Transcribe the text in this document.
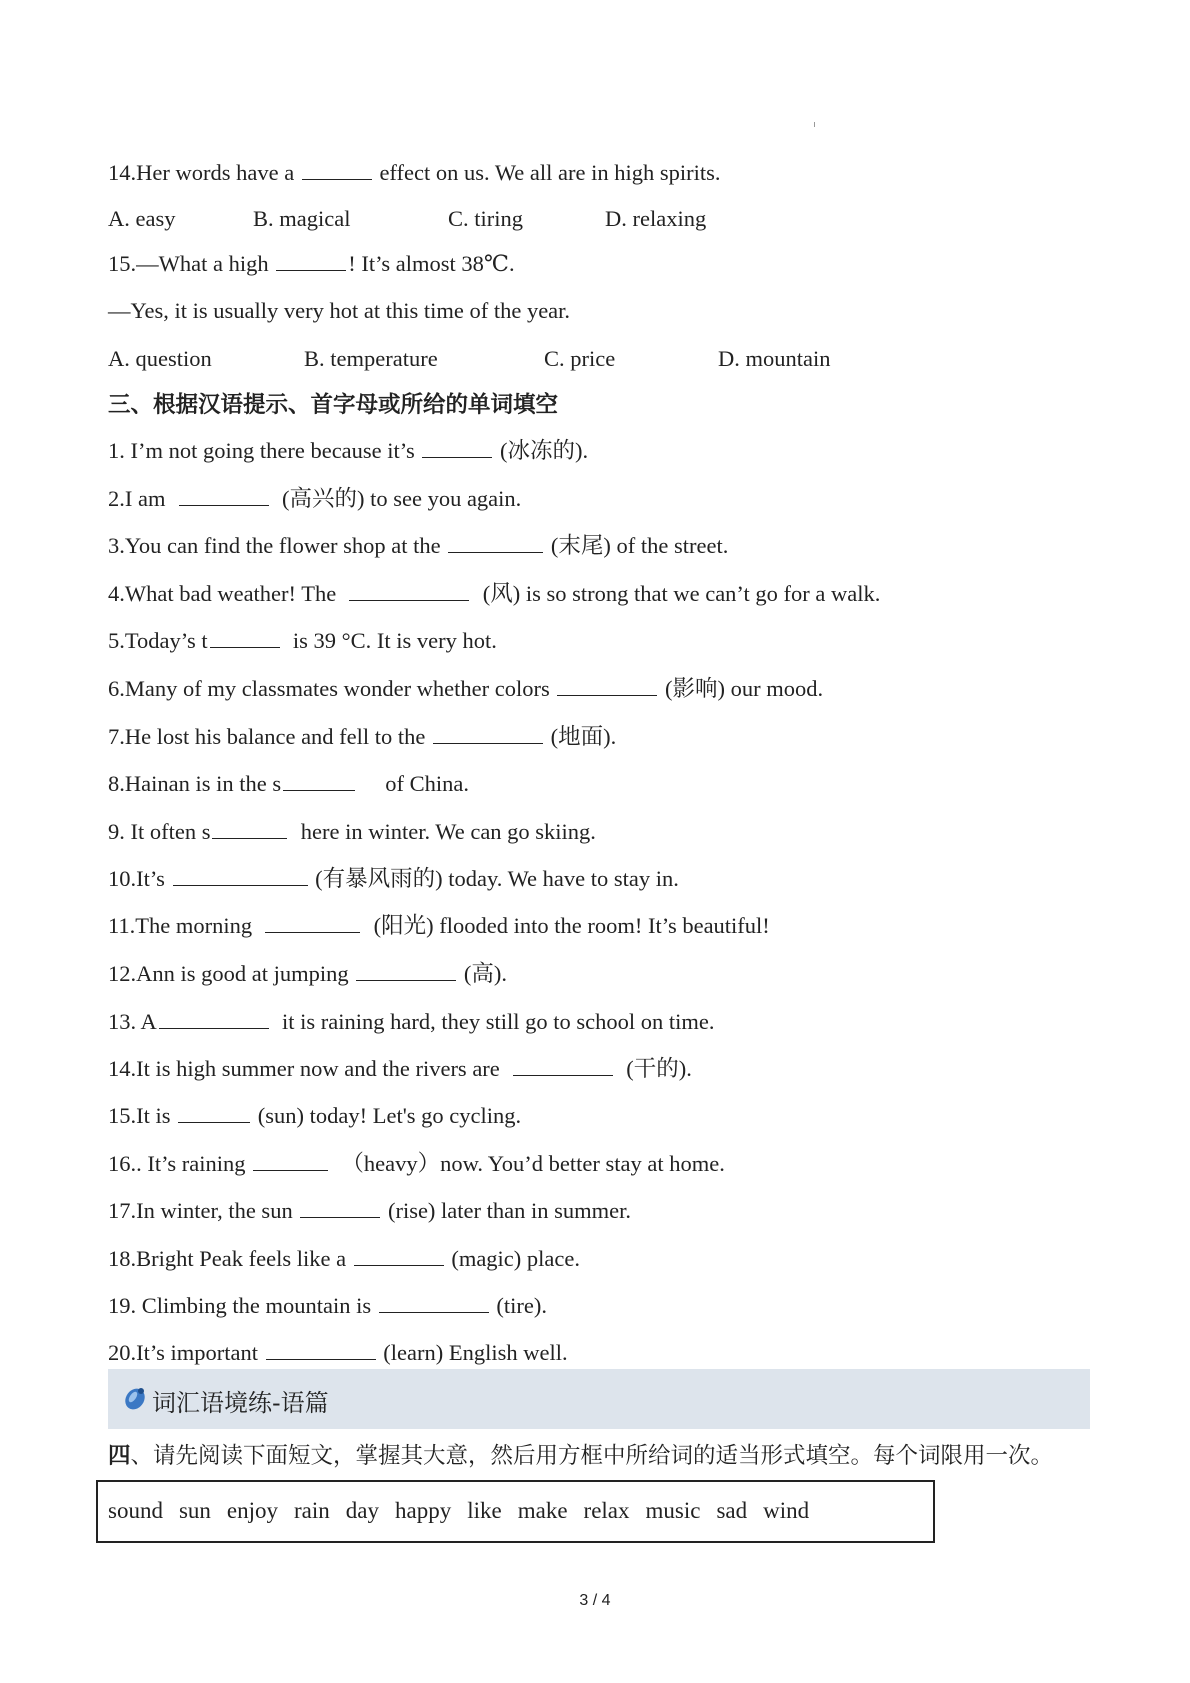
14.Her words have a	effect on us. We all are in high spirits.

A. easy

	B. magical

	C. tiring

	D. relaxing

15.—What a high	! It’s almost 38℃.
—Yes, it is usually very hot at this time of the year.

A. question

	B. temperature

	C. price

	D. mountain

三、根据汉语提示、首字母或所给的单词填空
1. I’m not going there because it’s	(冰冻的).
2.I am	(高兴的) to see you again.
3.You can find the flower shop at the	(末尾) of the street.
4.What bad weather! The	(风) is so strong that we can’t go for a walk.
5.Today’s t	is 39 °C. It is very hot.
6.Many of my classmates wonder whether colors	(影响) our mood.
7.He lost his balance and fell to the	(地面).
8.Hainan is in the s	of China.
9. It often s	here in winter. We can go skiing.
10.It’s	(有暴风雨的) today. We have to stay in.
11.The morning	(阳光) flooded into the room! It’s beautiful!
12.Ann is good at jumping	(高).
13. A	it is raining hard, they still go to school on time.
14.It is high summer now and the rivers are	(干的).
15.It is	(sun) today! Let's go cycling.
16.. It’s raining	（heavy）now. You’d better stay at home.
17.In winter, the sun	(rise) later than in summer.
18.Bright Peak feels like a	(magic) place.
19. Climbing the mountain is	(tire).
20.It’s important	(learn) English well.
词汇语境练-语篇
四、请先阅读下面短文，掌握其大意，然后用方框中所给词的适当形式填空。每个词限用一次。
sound sun enjoy rain day happy like make relax music sad wind
3 / 4
